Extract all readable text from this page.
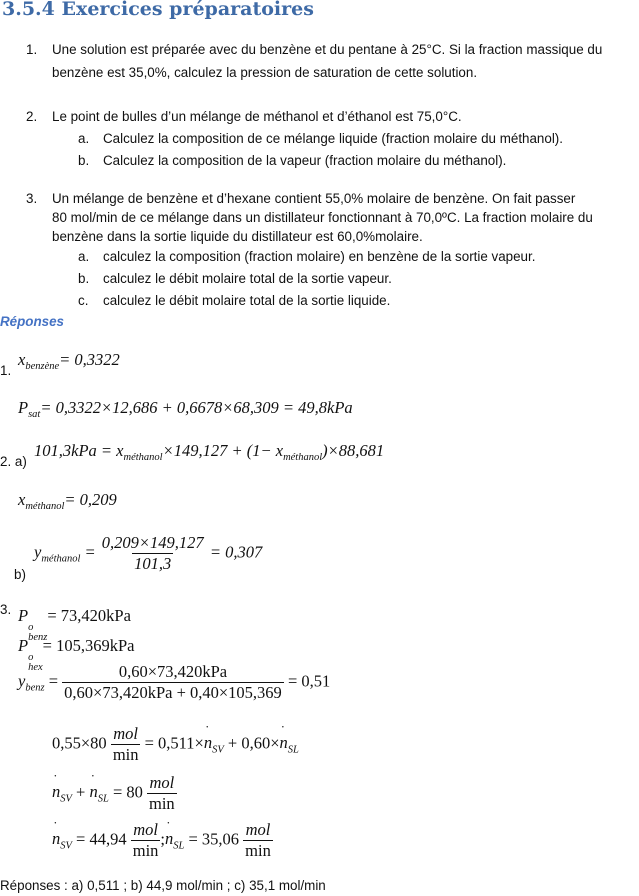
3.5.4 Exercices préparatoires
1. Une solution est préparée avec du benzène et du pentane à 25°C. Si la fraction massique du
benzène est 35,0%, calculez la pression de saturation de cette solution.
2. Le point de bulles d’un mélange de méthanol et d’éthanol est 75,0°C.
a. Calculez la composition de ce mélange liquide (fraction molaire du méthanol).
b. Calculez la composition de la vapeur (fraction molaire du méthanol).
3. Un mélange de benzène et d’hexane contient 55,0% molaire de benzène. On fait passer
80 mol/min de ce mélange dans un distillateur fonctionnant à 70,0ºC. La fraction molaire du
benzène dans la sortie liquide du distillateur est 60,0%molaire.
a. calculez la composition (fraction molaire) en benzène de la sortie vapeur.
b. calculez le débit molaire total de la sortie vapeur.
c. calculez le débit molaire total de la sortie liquide.
Réponses
1.
$x_{benzène}= 0,3322$
$P_{sat}= 0,3322\times 12,686 + 0,6678\times 68,309 = 49,8kPa$
2. a)
$101,3kPa = x_{méthanol}\times 149,127 + (1- x_{méthanol})\times 88,681$
$x_{méthanol}= 0,209$
b)
$y_{méthanol} = \frac{0,209\times 149,127}{101,3} = 0,307$
3. P
o
benz
= 73,420kPa
P
o
hex
= 105,369kPa
$y_{benz} = \frac{\text{0,60×73,420kPa}}{\text{0,60×73,420kPa + 0,40×105,369}} = 0,51$
$0,55\times 80 \frac{\text{mol}}{\min}$ = 0,511×˙ $n_{SV}$ + 0,60×˙ $n_{SL}$
˙ $n_{SV}$ + ˙ $n_{SL} = 80 \frac{\text{mol}}{\min}$
˙ $n_{SV} = 44,94 \frac{\text{mol}}{\min}$ ;˙ $n_{SL} = 35,06 \frac{\text{mol}}{\min}$
Réponses : a) 0,511 ; b) 44,9 mol/min ; c) 35,1 mol/min
